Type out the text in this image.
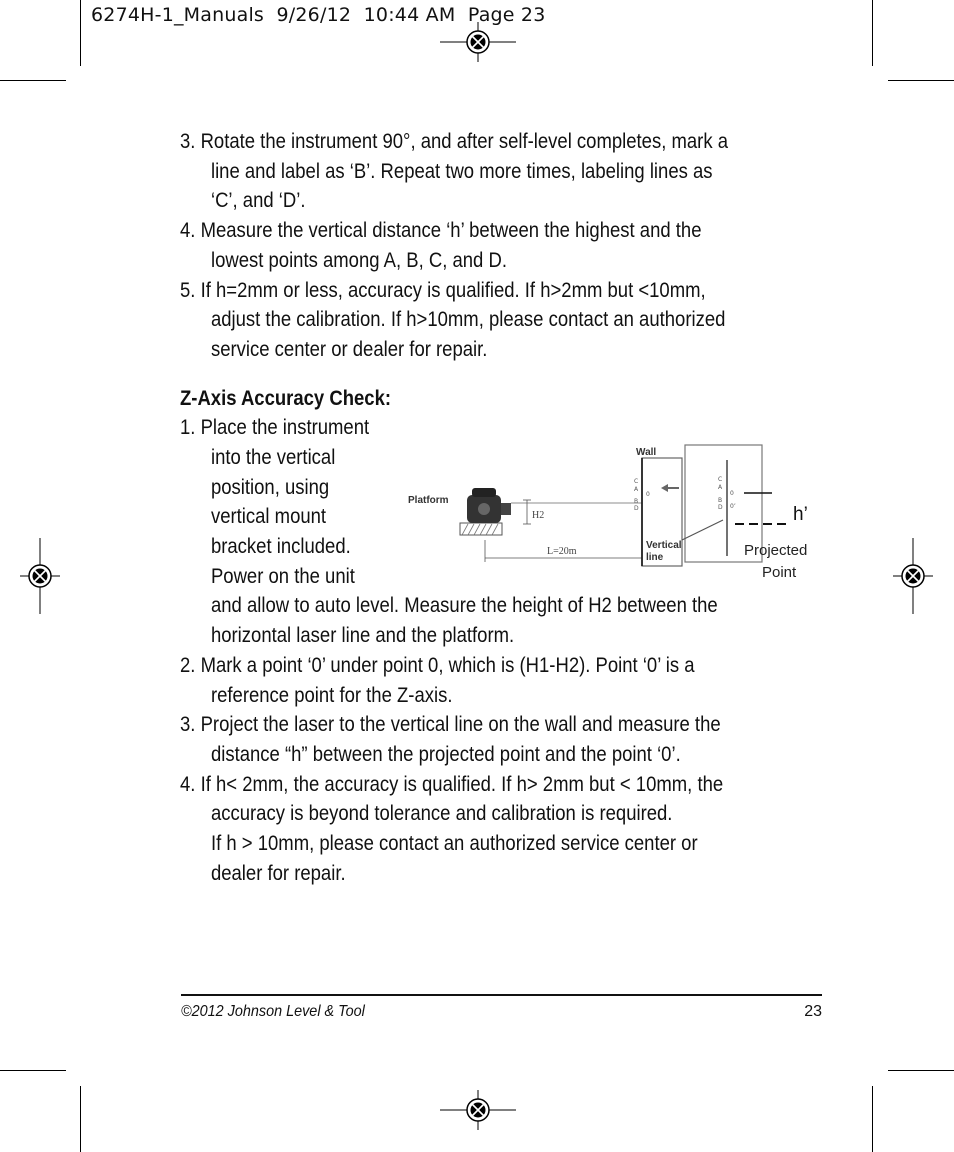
6274H-1_Manuals  9/26/12  10:44 AM  Page 23

3. Rotate the instrument 90°, and after self-level completes, mark a line and label as ‘B’. Repeat two more times, labeling lines as ‘C’, and ‘D’.

4. Measure the vertical distance ‘h’ between the highest and the lowest points among A, B, C, and D.

5. If h=2mm or less, accuracy is qualified. If h>2mm but <10mm, adjust the calibration. If h>10mm, please contact an authorized service center or dealer for repair.

Z-Axis Accuracy Check:

1. Place the instrument

into the vertical

position, using

vertical mount

bracket included.

Power on the unit

and allow to auto level. Measure the height of H2 between the horizontal laser line and the platform.

2. Mark a point ‘0’ under point 0, which is (H1-H2). Point ‘0’ is a reference point for the Z-axis.

3. Project the laser to the vertical line on the wall and measure the distance “h” between the projected point and the point ‘0’.

4. If h< 2mm, the accuracy is qualified. If h> 2mm but < 10mm, the accuracy is beyond tolerance and calibration is required.

If h > 10mm, please contact an authorized service center or dealer for repair.

Platform
H2
L=20m
Wall
C
A
0
B
D
Vertical
line
C
A
0
B
D 0’	h’
Projected
Point
©2012 Johnson Level & Tool	23
